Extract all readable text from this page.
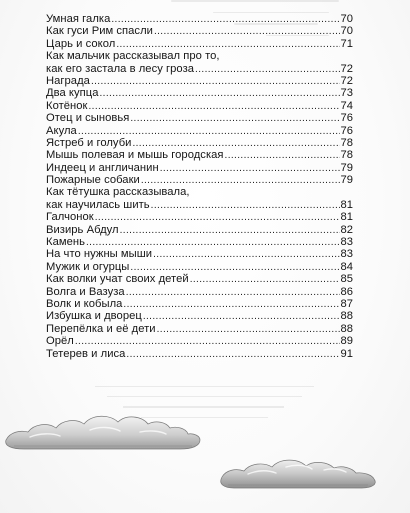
Умная галка .....	70
Как гуси Рим спасли .....	70
Царь и сокол .....	71
Как мальчик рассказывал про то,
как его застала в лесу гроза .....	72
Награда .....	72
Два купца .....	73
Котёнок .....	74
Отец и сыновья .....	76
Акула .....	76
Ястреб и голуби .....	78
Мышь полевая и мышь городская .....	78
Индеец и англичанин .....	79
Пожарные собаки .....	79
Как тётушка рассказывала,
как научилась шить .....	81
Галчонок .....	81
Визирь Абдул .....	82
Камень .....	83
На что нужны мыши .....	83
Мужик и огурцы .....	84
Как волки учат своих детей .....	85
Волга и Вазуза .....	86
Волк и кобыла .....	87
Избушка и дворец .....	88
Перепёлка и её дети .....	88
Орёл .....	89
Тетерев и лиса .....	91
